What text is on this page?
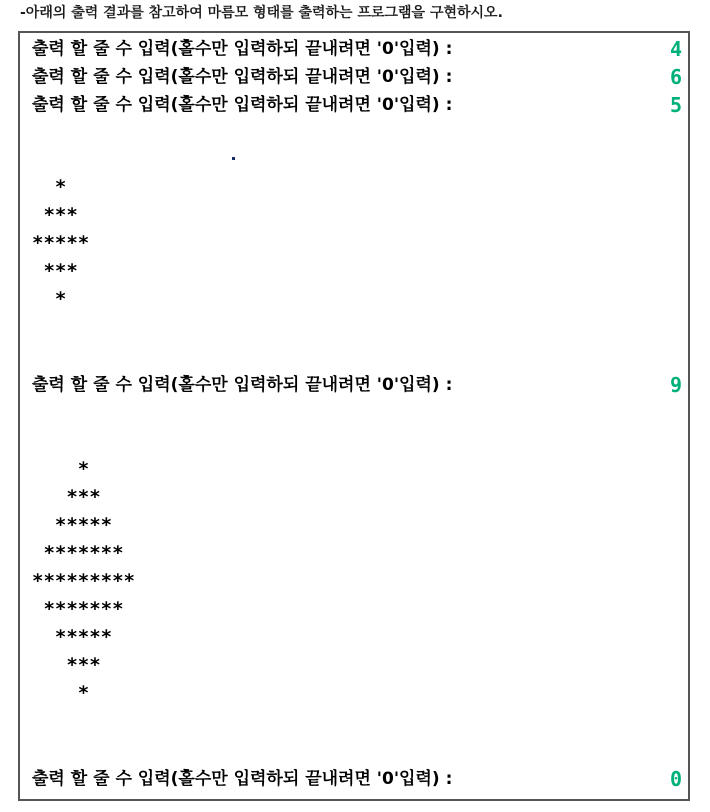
-아래의 출력 결과를 참고하여 마름모 형태를 출력하는 프로그램을 구현하시오.
출력 할 줄 수 입력(홀수만 입력하되 끝내려면 '0'입력) :	4
출력 할 줄 수 입력(홀수만 입력하되 끝내려면 '0'입력) :	6
출력 할 줄 수 입력(홀수만 입력하되 끝내려면 '0'입력) :	5
*
***
*****
***
*
출력 할 줄 수 입력(홀수만 입력하되 끝내려면 '0'입력) :	9
*
***
*****
*******
*********
*******
*****
***
*
출력 할 줄 수 입력(홀수만 입력하되 끝내려면 '0'입력) :	0
